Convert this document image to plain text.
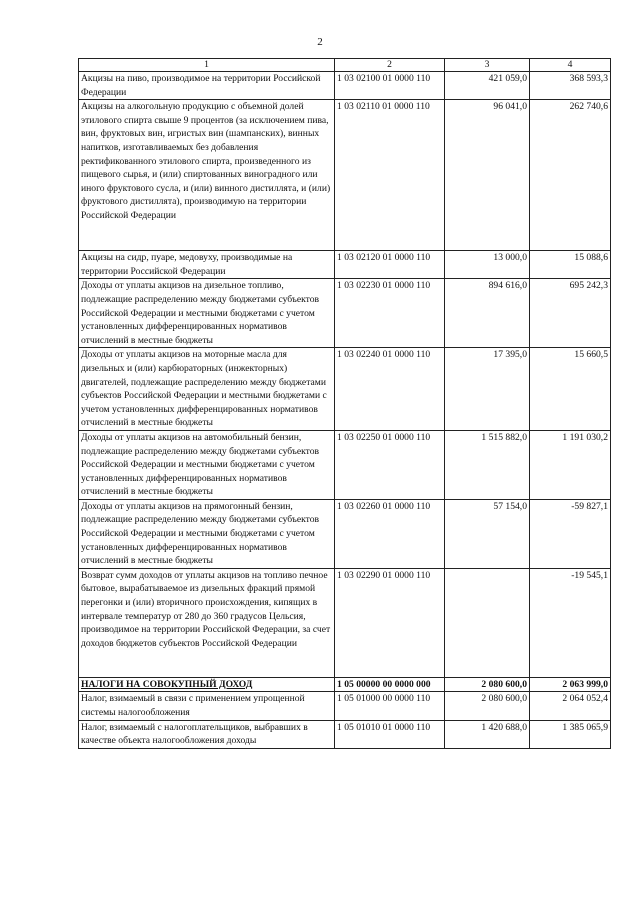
2
1	2	3	4
Акцизы на пиво, производимое на территории Российской Федерации	1 03 02100 01 0000 110	421 059,0	368 593,3
Акцизы на алкогольную продукцию с объемной долей этилового спирта свыше 9 процентов (за исключением пива, вин, фруктовых вин, игристых вин (шампанских), винных напитков, изготавливаемых без добавления ректификованного этилового спирта, произведенного из пищевого сырья, и (или) спиртованных виноградного или иного фруктового сусла, и (или) винного дистиллята, и (или) фруктового дистиллята), производимую на территории Российской Федерации	1 03 02110 01 0000 110	96 041,0	262 740,6
Акцизы на сидр, пуаре, медовуху, производимые на территории Российской Федерации	1 03 02120 01 0000 110	13 000,0	15 088,6
Доходы от уплаты акцизов на дизельное топливо, подлежащие распределению между бюджетами субъектов Российской Федерации и местными бюджетами с учетом установленных дифференцированных нормативов отчислений в местные бюджеты	1 03 02230 01 0000 110	894 616,0	695 242,3
Доходы от уплаты акцизов на моторные масла для дизельных и (или) карбюраторных (инжекторных) двигателей, подлежащие распределению между бюджетами субъектов Российской Федерации и местными бюджетами с учетом установленных дифференцированных нормативов отчислений в местные бюджеты	1 03 02240 01 0000 110	17 395,0	15 660,5
Доходы от уплаты акцизов на автомобильный бензин, подлежащие распределению между бюджетами субъектов Российской Федерации и местными бюджетами с учетом установленных дифференцированных нормативов отчислений в местные бюджеты	1 03 02250 01 0000 110	1 515 882,0	1 191 030,2
Доходы от уплаты акцизов на прямогонный бензин, подлежащие распределению между бюджетами субъектов Российской Федерации и местными бюджетами с учетом установленных дифференцированных нормативов отчислений в местные бюджеты	1 03 02260 01 0000 110	57 154,0	-59 827,1
Возврат сумм доходов от уплаты акцизов на топливо печное бытовое, вырабатываемое из дизельных фракций прямой перегонки и (или) вторичного происхождения, кипящих в интервале температур от 280 до 360 градусов Цельсия, производимое на территории Российской Федерации, за счет доходов бюджетов субъектов Российской Федерации	1 03 02290 01 0000 110		-19 545,1
НАЛОГИ НА СОВОКУПНЫЙ ДОХОД	1 05 00000 00 0000 000	2 080 600,0	2 063 999,0
Налог, взимаемый в связи с применением упрощенной системы налогообложения	1 05 01000 00 0000 110	2 080 600,0	2 064 052,4
Налог, взимаемый с налогоплательщиков, выбравших в качестве объекта налогообложения доходы	1 05 01010 01 0000 110	1 420 688,0	1 385 065,9
